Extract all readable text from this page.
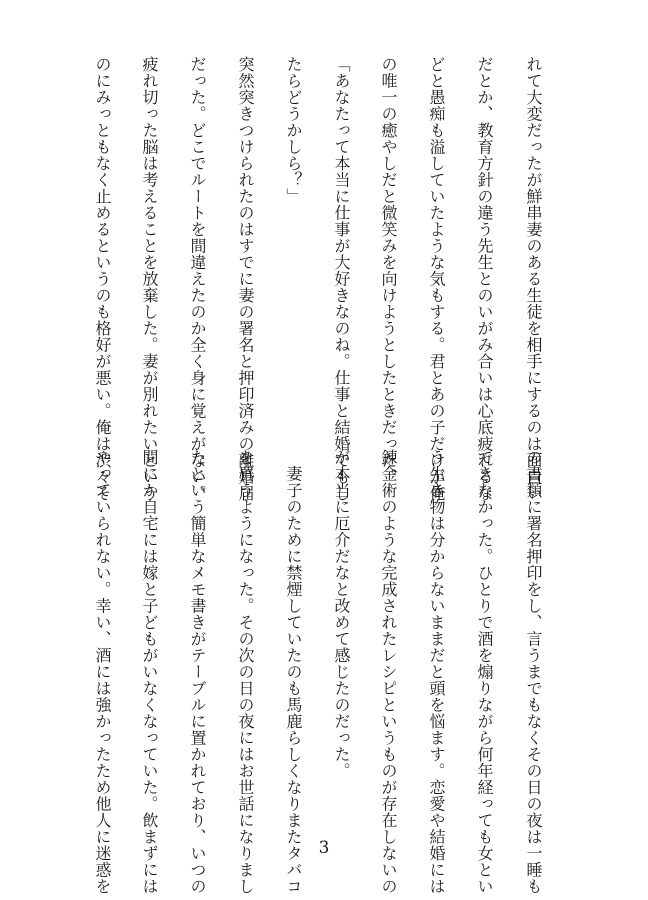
れて大変だったが鮮串妻のある生徒を相手にするのは面白い
だとか、教育方針の違う先生とのいがみ合いは心底疲れるな
どと愚痴も溢していたような気もする。君とあの子だけが俺
の唯一の癒やしだと微笑みを向けようとしたときだった。
「あなたって本当に仕事が大好きなのね。仕事と結婚でもし
たらどうかしら？」
突然突きつけられたのはすでに妻の署名と押印済みの離婚届
だった。どこでルートを間違えたのか全く身に覚えがない。
疲れ切った脳は考えることを放棄した。妻が別れたいという
のにみっともなく止めるというのも格好が悪い。俺は渋々そ
の書類に署名押印をし、言うまでもなくその日の夜は一睡も
できなかった。ひとりで酒を煽りながら何年経っても女とい
う生き物は分からないままだと頭を悩ます。恋愛や結婚には
錬金術のような完成されたレシピというものが存在しないの
が本当に厄介だなと改めて感じたのだった。
　妻子のために禁煙していたのも馬鹿らしくなりまたタバコ
を買うようになった。その次の日の夜にはお世話になりまし
たという簡単なメモ書きがテーブルに置かれており、いつの
間にか自宅には嫁と子どもがいなくなっていた。飲まずには
やっていられない。幸い、酒には強かったため他人に迷惑を	3
